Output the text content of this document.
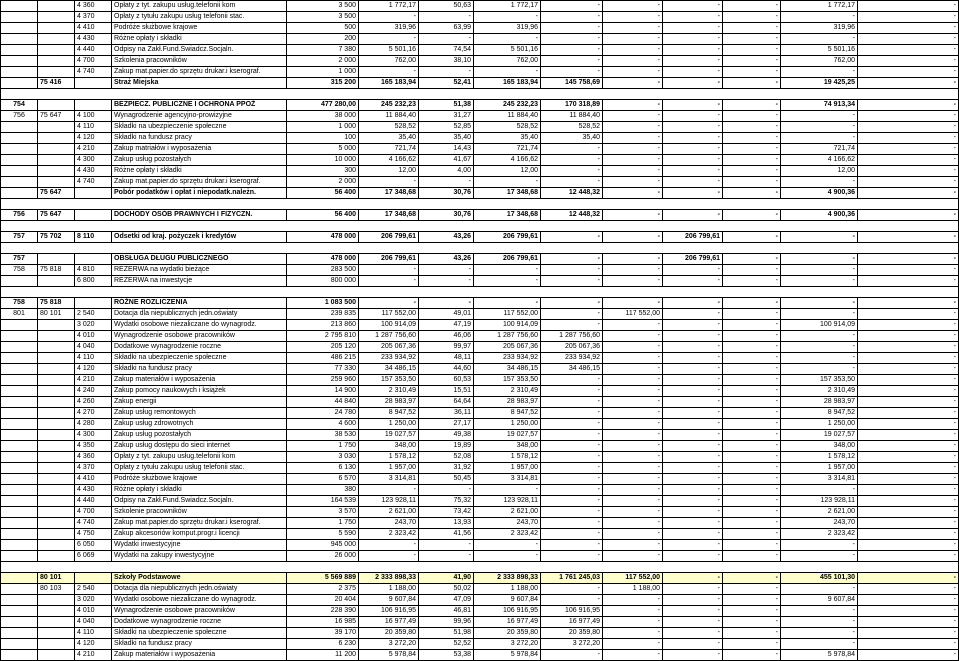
		4 360	Opłaty z tyt. zakupu usług.telefonii kom	3 500	1 772,17	50,63	1 772,17	-	-	-	-	1 772,17	-
		4 370	Opłaty z tytułu zakupu usług telefonii stac.	3 500	-	-	-	-	-	-	-	-	-
		4 410	Podróże służbowe krajowe	500	319,96	63,99	319,96	-	-	-	-	319,96	-
		4 430	Różne opłaty i składki	200	-	-	-	-	-	-	-	-	-
		4 440	Odpisy na Zakł.Fund.Świadcz.Socjaln.	7 380	5 501,16	74,54	5 501,16	-	-	-	-	5 501,16	-
		4 700	Szkolenia pracowników	2 000	762,00	38,10	762,00	-	-	-	-	762,00	-
		4 740	Zakup mat.papier.do sprzętu drukar.i kserograf.	1 000	-	-	-	-	-	-	-	-	-
	75 416		Straż Miejska	315 200	165 183,94	52,41	165 183,94	145 758,69	-	-	-	19 425,25	-

754			BEZPIECZ. PUBLICZNE I OCHRONA PPOŻ	477 280,00	245 232,23	51,38	245 232,23	170 318,89	-	-	-	74 913,34	-
756	75 647	4 100	Wynagrodzenie agencyjno-prowizyjne	38 000	11 884,40	31,27	11 884,40	11 884,40	-	-	-	-	-
		4 110	Składki na ubezpieczenie społeczne	1 000	528,52	52,85	528,52	528,52	-	-	-	-	-
		4 120	Składki na fundusz pracy	100	35,40	35,40	35,40	35,40	-	-	-	-	-
		4 210	Zakup matriałów i wyposażenia	5 000	721,74	14,43	721,74	-	-	-	-	721,74	-
		4 300	Zakup usług pozostałych	10 000	4 166,62	41,67	4 166,62	-	-	-	-	4 166,62	-
		4 430	Różne opłaty i składki	300	12,00	4,00	12,00	-	-	-	-	12,00	-
		4 740	Zakup mat.papier.do sprzętu drukar.i kserograf.	2 000	-	-	-	-	-	-	-	-	-
	75 647		Pobór podatków i opłat i niepodatk.należn.	56 400	17 348,68	30,76	17 348,68	12 448,32	-	-	-	4 900,36	-

756	75 647		DOCHODY OSÓB PRAWNYCH I FIZYCZN.	56 400	17 348,68	30,76	17 348,68	12 448,32	-	-	-	4 900,36	-

757	75 702	8 110	Odsetki od kraj. pożyczek i kredytów	478 000	206 799,61	43,26	206 799,61	-	-	206 799,61	-	-	-

757			OBSŁUGA DŁUGU PUBLICZNEGO	478 000	206 799,61	43,26	206 799,61	-	-	206 799,61	-	-	-
758	75 818	4 810	REZERWA na wydatki bieżące	283 500	-	-	-	-	-	-	-	-	-
		6 800	REZERWA na inwestycje	800 000	-	-	-	-	-	-	-	-	-

758	75 818		RÓŻNE ROZLICZENIA	1 083 500	-	-	-	-	-	-	-	-	-
801	80 101	2 540	Dotacja dla niepublicznych jedn.oświaty	239 835	117 552,00	49,01	117 552,00	-	117 552,00	-	-	-	-
		3 020	Wydatki osobowe niezaliczane do wynagrodz.	213 860	100 914,09	47,19	100 914,09	-	-	-	-	100 914,09	-
		4 010	Wynagrodzenie osobowe pracowników	2 795 810	1 287 756,60	46,06	1 287 756,60	1 287 756,60	-	-	-	-	-
		4 040	Dodatkowe wynagrodzenie roczne	205 120	205 067,36	99,97	205 067,36	205 067,36	-	-	-	-	-
		4 110	Składki na ubezpieczenie społeczne	486 215	233 934,92	48,11	233 934,92	233 934,92	-	-	-	-	-
		4 120	Składki na fundusz pracy	77 330	34 486,15	44,60	34 486,15	34 486,15	-	-	-	-	-
		4 210	Zakup materiałów i wyposażenia	259 960	157 353,50	60,53	157 353,50	-	-	-	-	157 353,50	-
		4 240	Zakup pomocy naukowych i książek	14 900	2 310,49	15,51	2 310,49	-	-	-	-	2 310,49	-
		4 260	Zakup energii	44 840	28 983,97	64,64	28 983,97	-	-	-	-	28 983,97	-
		4 270	Zakup usług remontowych	24 780	8 947,52	36,11	8 947,52	-	-	-	-	8 947,52	-
		4 280	Zakup usług zdrowotnych	4 600	1 250,00	27,17	1 250,00	-	-	-	-	1 250,00	-
		4 300	Zakup usług pozostałych	38 530	19 027,57	49,38	19 027,57	-	-	-	-	19 027,57	-
		4 350	Zakup usług dostępu do sieci internet	1 750	348,00	19,89	348,00	-	-	-	-	348,00	-
		4 360	Opłaty z tyt. zakupu usług.telefonii kom	3 030	1 578,12	52,08	1 578,12	-	-	-	-	1 578,12	-
		4 370	Opłaty z tytułu zakupu usług telefonii stac.	6 130	1 957,00	31,92	1 957,00	-	-	-	-	1 957,00	-
		4 410	Podróże służbowe krajowe	6 570	3 314,81	50,45	3 314,81	-	-	-	-	3 314,81	-
		4 430	Różne opłaty i składki	380	-	-	-	-	-	-	-	-	-
		4 440	Odpisy na Zakł.Fund.Świadcz.Socjaln.	164 539	123 928,11	75,32	123 928,11	-	-	-	-	123 928,11	-
		4 700	Szkolenie pracowników	3 570	2 621,00	73,42	2 621,00	-	-	-	-	2 621,00	-
		4 740	Zakup mat.papier.do sprzętu drukar.i kserograf.	1 750	243,70	13,93	243,70	-	-	-	-	243,70	-
		4 750	Zakup akcesoriów komput.progr.i licencji	5 590	2 323,42	41,56	2 323,42	-	-	-	-	2 323,42	-
		6 050	Wydatki inwestycyjne	945 000	-	-	-	-	-	-	-	-	-
		6 069	Wydatki na zakupy inwestycyjne	26 000	-	-	-	-	-	-	-	-	-

	80 101		Szkoły Podstawowe	5 569 889	2 333 898,33	41,90	2 333 898,33	1 761 245,03	117 552,00	-	-	455 101,30	-
	80 103	2 540	Dotacja dla niepublicznych jedn.oświaty	2 375	1 188,00	50,02	1 188,00	-	1 188,00	-	-	-	-
		3 020	Wydatki osobowe niezaliczane do wynagrodz.	20 404	9 607,84	47,09	9 607,84	-	-	-	-	9 607,84	-
		4 010	Wynagrodzenie osobowe pracowników	228 390	106 916,95	46,81	106 916,95	106 916,95	-	-	-	-	-
		4 040	Dodatkowe wynagrodzenie roczne	16 985	16 977,49	99,96	16 977,49	16 977,49	-	-	-	-	-
		4 110	Składki na ubezpieczenie społeczne	39 170	20 359,80	51,98	20 359,80	20 359,80	-	-	-	-	-
		4 120	Składki na fundusz pracy	6 230	3 272,20	52,52	3 272,20	3 272,20	-	-	-	-	-
		4 210	Zakup materiałów i wyposażenia	11 200	5 978,84	53,38	5 978,84	-	-	-	-	5 978,84	-
